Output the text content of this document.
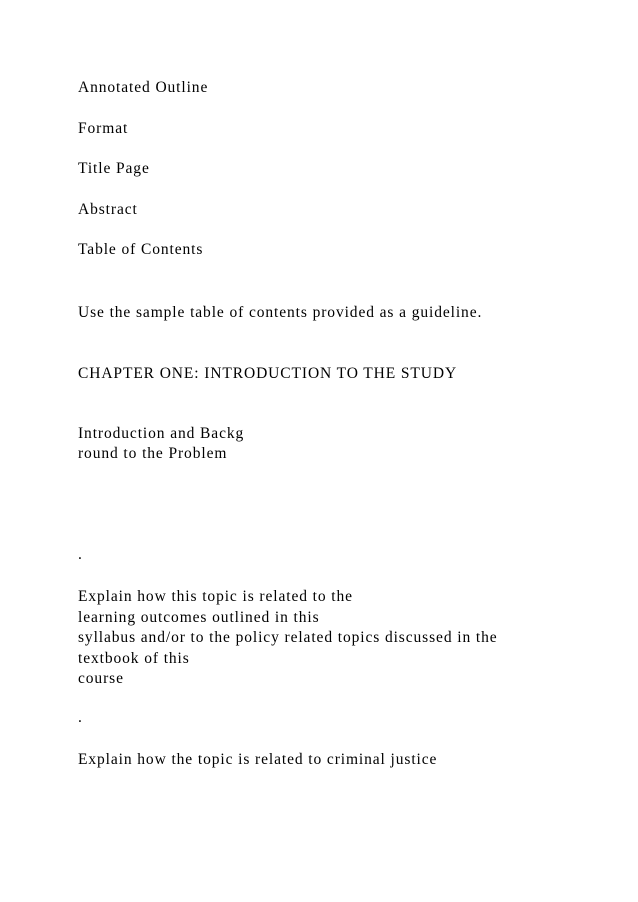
Annotated Outline
Format
Title Page
Abstract
Table of Contents
Use the sample table of contents provided as a guideline.
CHAPTER ONE: INTRODUCTION TO THE STUDY
Introduction and Backg
round to the Problem
.
Explain how this topic is related to the
learning outcomes outlined in this
syllabus and/or to the policy related topics discussed in the
textbook of this
course
.
Explain how the topic is related to criminal justice
